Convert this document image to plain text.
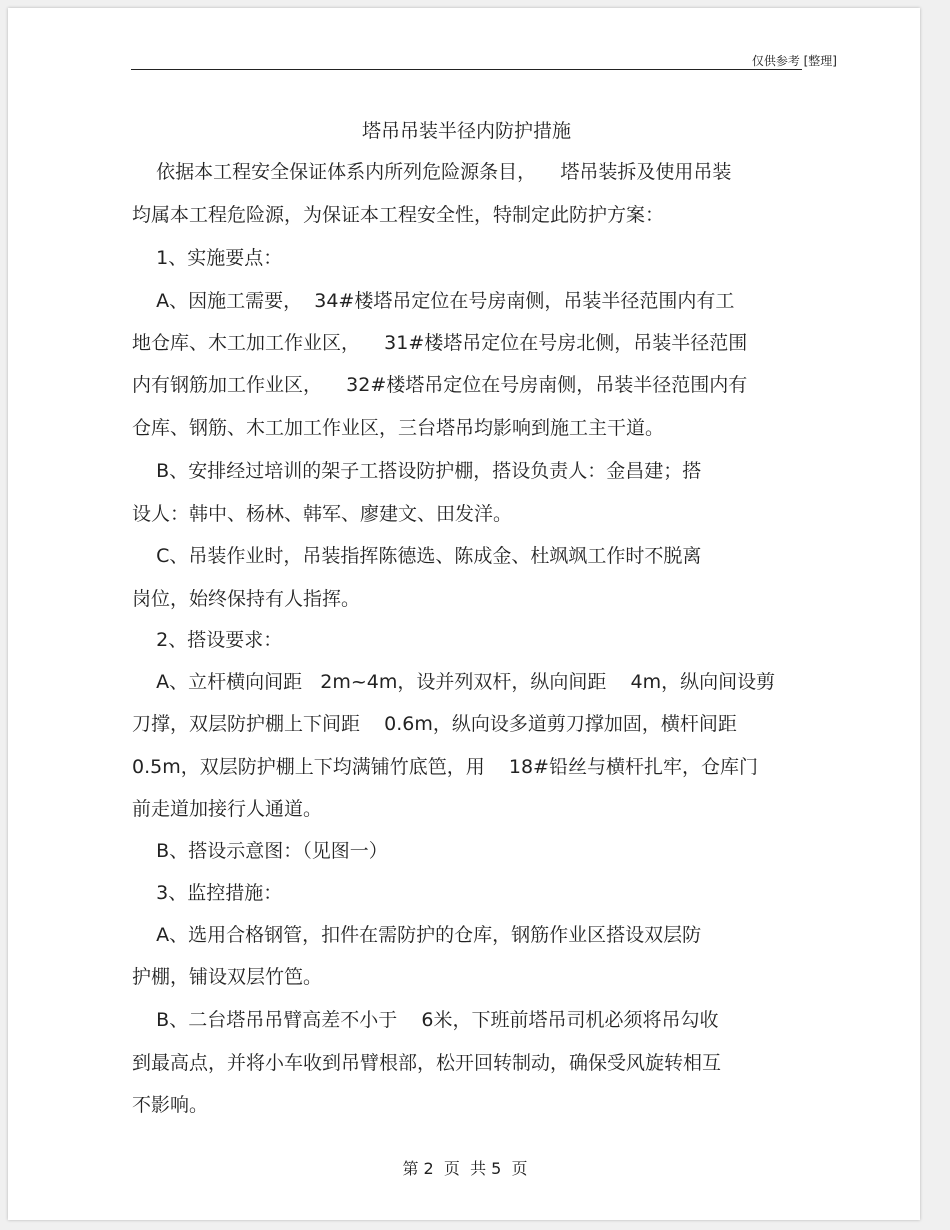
仅供参考 [整理]
塔吊吊装半径内防护措施
依据本工程安全保证体系内所列危险源条目，    塔吊装拆及使用吊装
均属本工程危险源，为保证本工程安全性，特制定此防护方案：
1、实施要点：
A、因施工需要，  34#楼塔吊定位在号房南侧，吊装半径范围内有工
地仓库、木工加工作业区，    31#楼塔吊定位在号房北侧，吊装半径范围
内有钢筋加工作业区，    32#楼塔吊定位在号房南侧，吊装半径范围内有
仓库、钢筋、木工加工作业区，三台塔吊均影响到施工主干道。
B、安排经过培训的架子工搭设防护棚，搭设负责人：金昌建；搭
设人：韩中、杨林、韩军、廖建文、田发洋。
C、吊装作业时，吊装指挥陈德选、陈成金、杜飒飒工作时不脱离
岗位，始终保持有人指挥。
2、搭设要求：
A、立杆横向间距   2m~4m，设并列双杆，纵向间距    4m，纵向间设剪
刀撑，双层防护棚上下间距    0.6m，纵向设多道剪刀撑加固，横杆间距
0.5m，双层防护棚上下均满铺竹底笆，用    18#铅丝与横杆扎牢，仓库门
前走道加接行人通道。
B、搭设示意图：（见图一）
3、监控措施：
A、选用合格钢管，扣件在需防护的仓库，钢筋作业区搭设双层防
护棚，铺设双层竹笆。
B、二台塔吊吊臂高差不小于    6米，下班前塔吊司机必须将吊勾收
到最高点，并将小车收到吊臂根部，松开回转制动，确保受风旋转相互
不影响。
第 2  页  共 5  页
